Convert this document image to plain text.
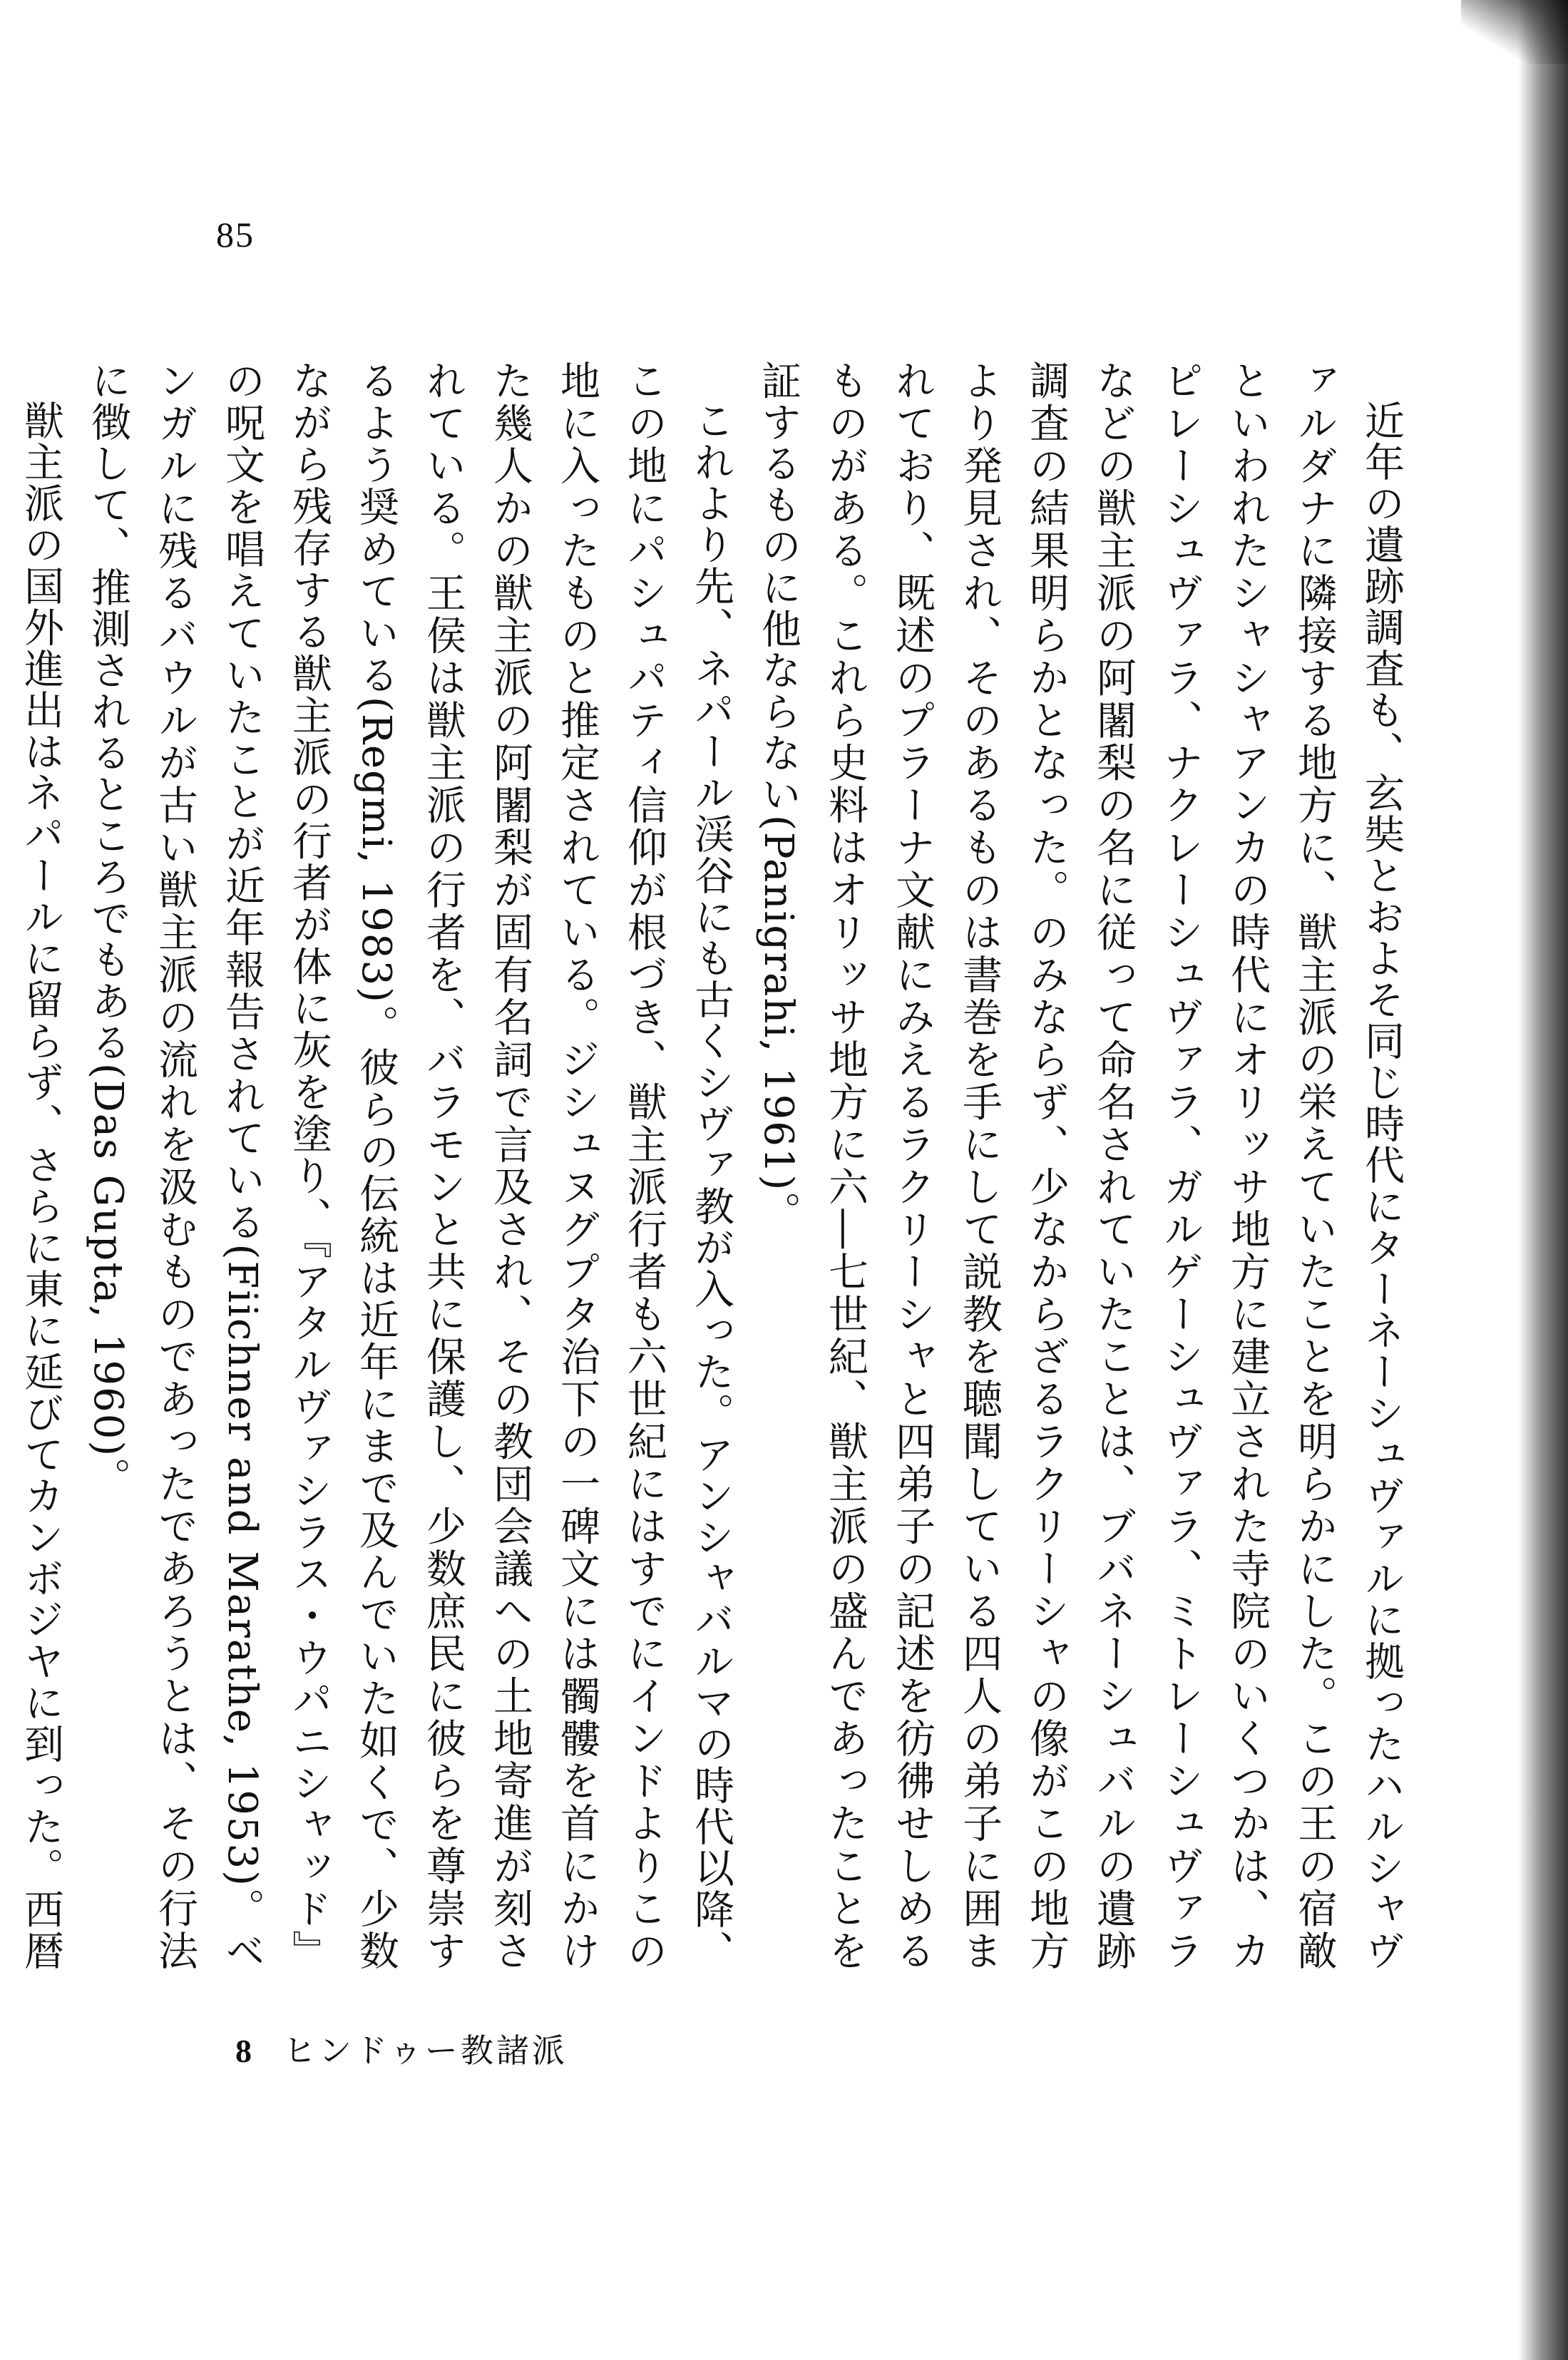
85

近年の遺跡調査も、玄奘とおよそ同じ時代にターネーシュヴァルに拠ったハルシャヴァルダナに隣接する地方に、獣主派の栄えていたことを明らかにした。この王の宿敵といわれたシャシャアンカの時代にオリッサ地方に建立された寺院のいくつかは、カピレーシュヴァラ、ナクレーシュヴァラ、ガルゲーシュヴァラ、ミトレーシュヴァラなどの獣主派の阿闍梨の名に従って命名されていたことは、ブバネーシュバルの遺跡調査の結果明らかとなった。のみならず、少なからざるラクリーシャの像がこの地方より発見され、そのあるものは書巻を手にして説教を聴聞している四人の弟子に囲まれており、既述のプラーナ文献にみえるラクリーシャと四弟子の記述を彷彿せしめるものがある。これら史料はオリッサ地方に六―七世紀、獣主派の盛んであったことを証するものに他ならない(Panigrahi, 1961)。

これより先、ネパール渓谷にも古くシヴァ教が入った。アンシャバルマの時代以降、この地にパシュパティ信仰が根づき、獣主派行者も六世紀にはすでにインドよりこの地に入ったものと推定されている。ジシュヌグプタ治下の一碑文には髑髏を首にかけた幾人かの獣主派の阿闍梨が固有名詞で言及され、その教団会議への土地寄進が刻されている。王侯は獣主派の行者を、バラモンと共に保護し、少数庶民に彼らを尊崇するよう奨めている(Regmi, 1983)。彼らの伝統は近年にまで及んでいた如くで、少数ながら残存する獣主派の行者が体に灰を塗り、『アタルヴァシラス・ウパニシャッド』の呪文を唱えていたことが近年報告されている(Fiichner and Marathe, 1953)。ベンガルに残るバウルが古い獣主派の流れを汲むものであったであろうとは、その行法に徴して、推測されるところでもある(Das Gupta, 1960)。

獣主派の国外進出はネパールに留らず、さらに東に延びてカンボジヤに到った。西暦

8 ヒンドゥー教諸派
